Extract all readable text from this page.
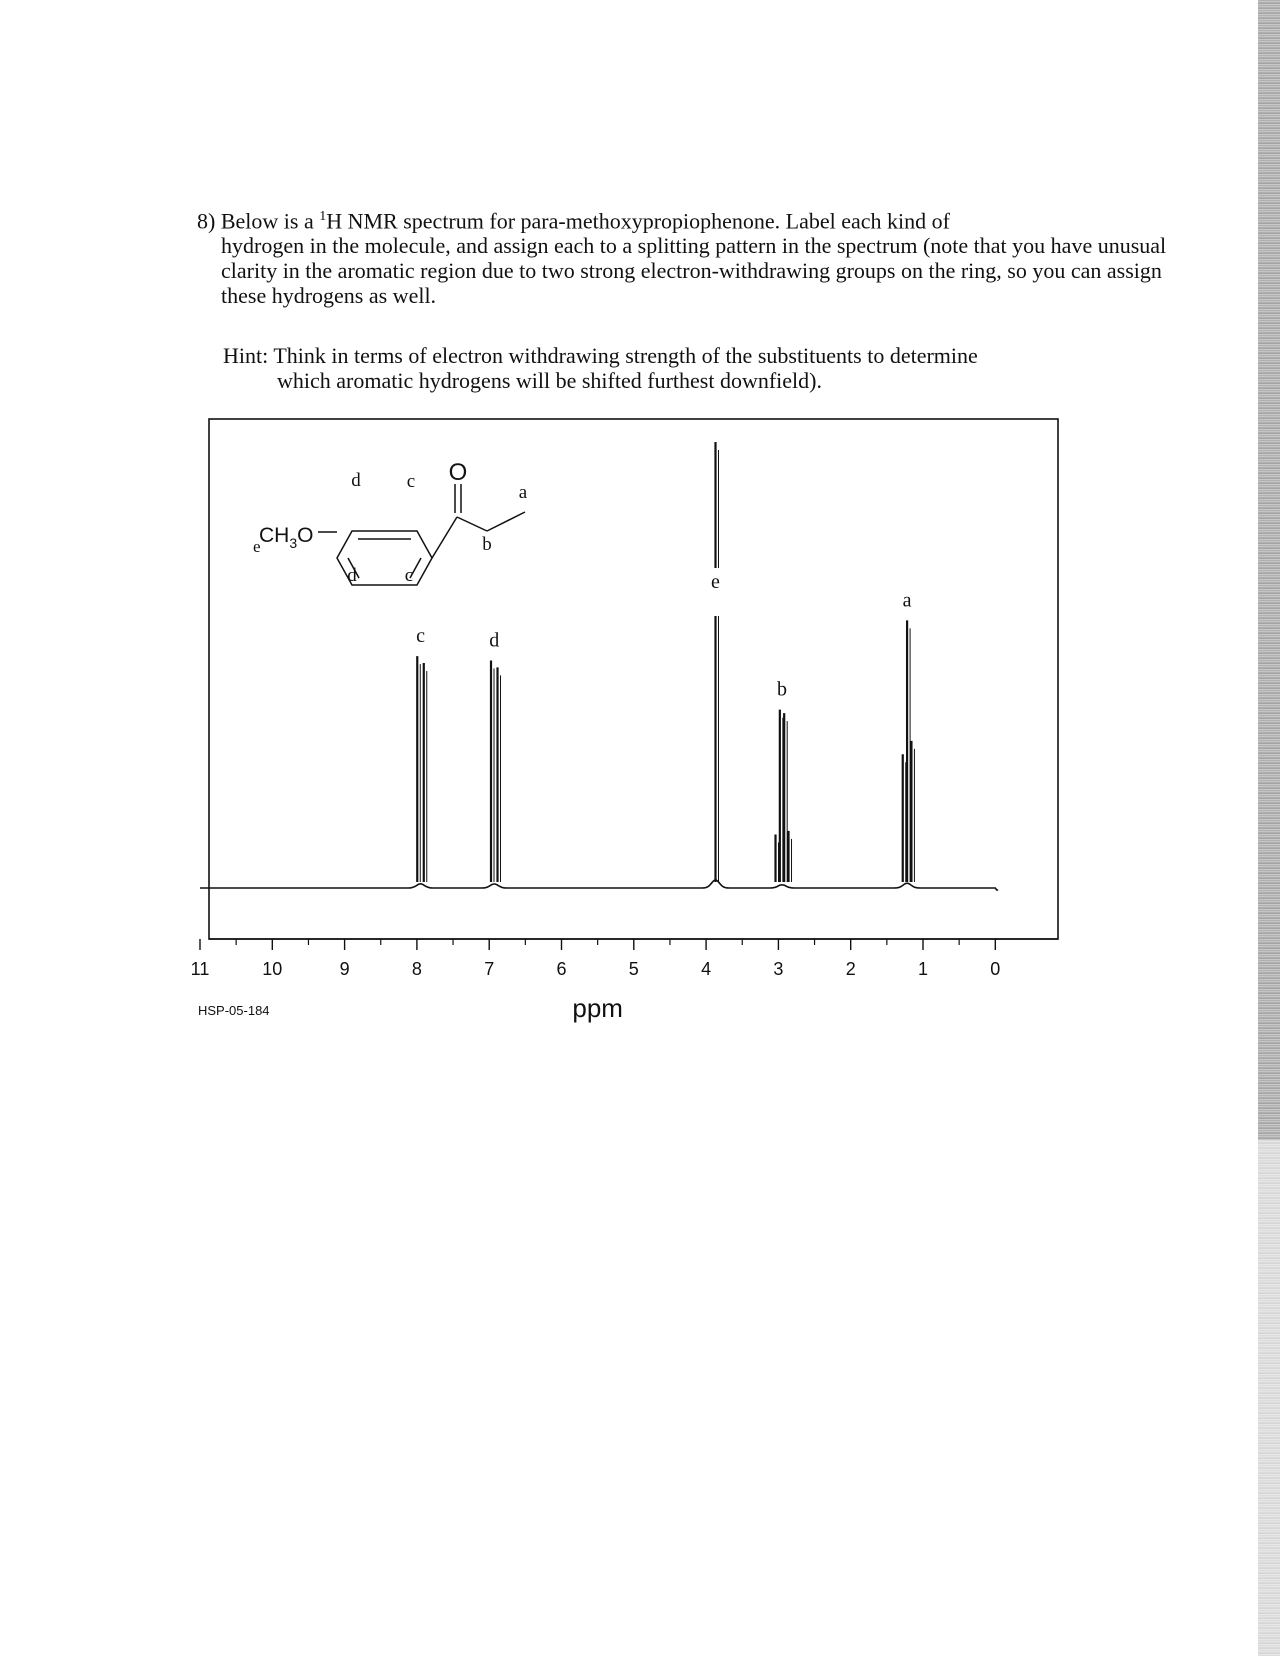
8) Below is a $^1$H NMR spectrum for para-methoxypropiophenone. Label each kind of
hydrogen in the molecule, and assign each to a splitting pattern in the spectrum (note that you have unusual clarity in the aromatic region due to two strong electron-withdrawing groups on the ring, so you can assign these hydrogens as well.
Hint: Think in terms of electron withdrawing strength of the substituents to determine
which aromatic hydrogens will be shifted furthest downfield).
11	10	9	8	7	6	5	4	3	2	1	0
c	d
e
b
a
ppm
HSP-05-184
O
$CH_3O$
e
d c
d	c
a
b
